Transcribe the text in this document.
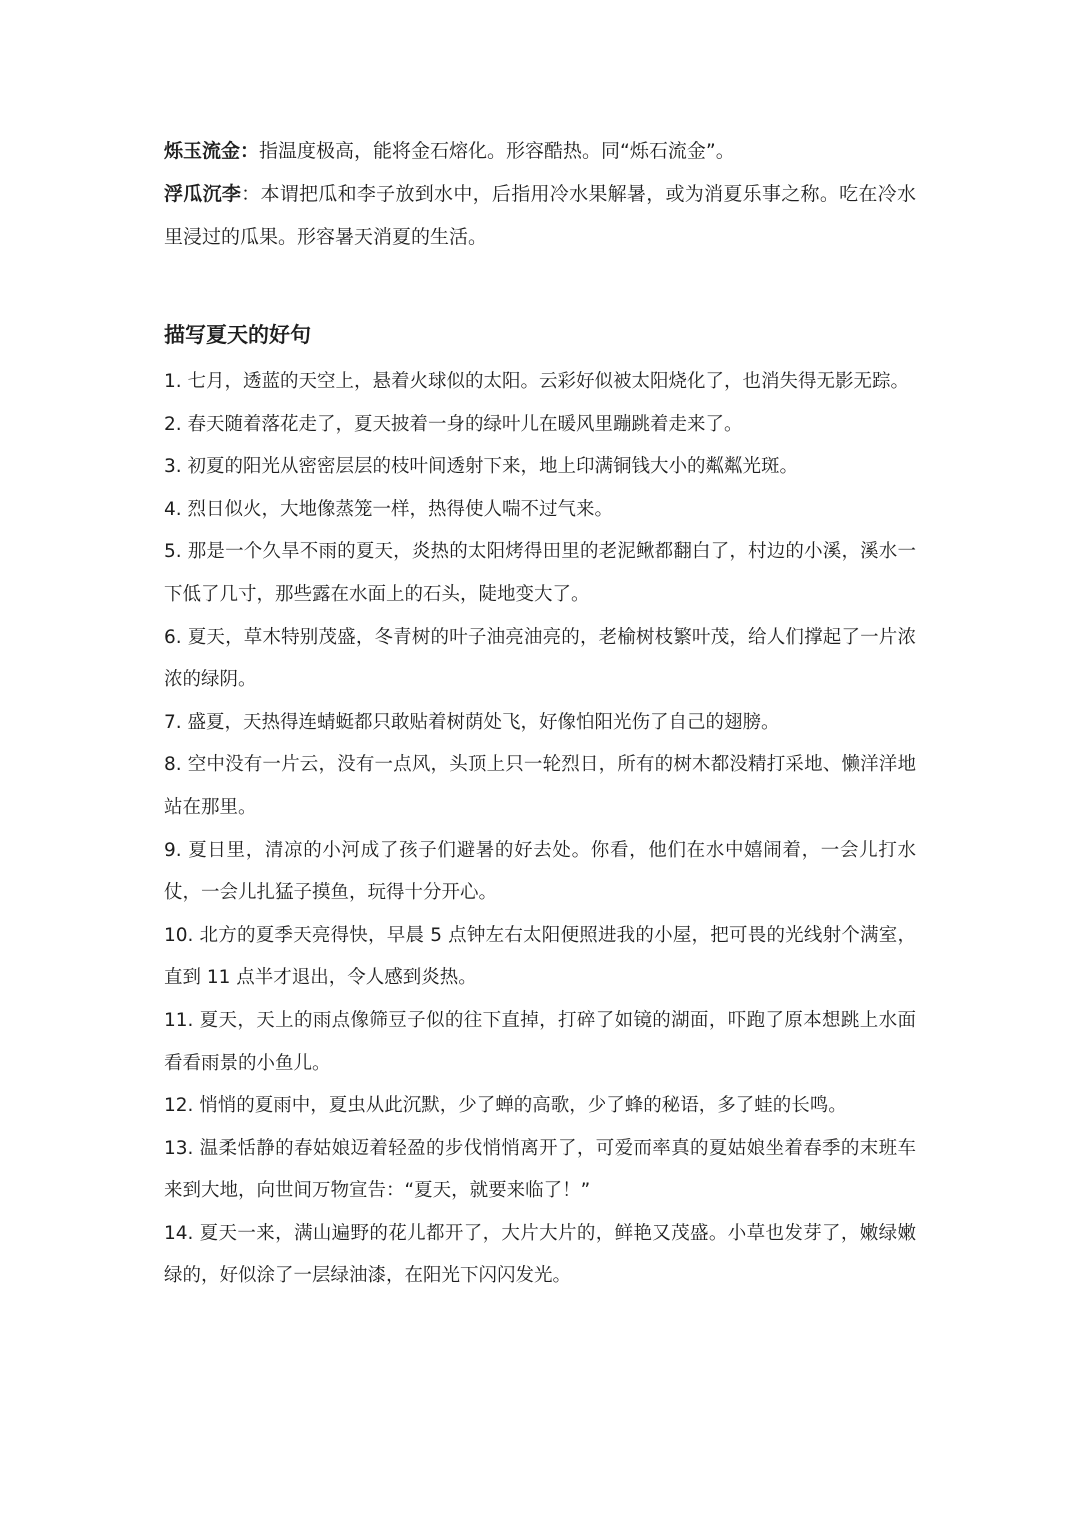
烁玉流金：指温度极高，能将金石熔化。形容酷热。同“烁石流金”。

浮瓜沉李：本谓把瓜和李子放到水中，后指用冷水果解暑，或为消夏乐事之称。吃在冷水里浸过的瓜果。形容暑天消夏的生活。

描写夏天的好句
1. 七月，透蓝的天空上，悬着火球似的太阳。云彩好似被太阳烧化了，也消失得无影无踪。
2. 春天随着落花走了，夏天披着一身的绿叶儿在暖风里蹦跳着走来了。
3. 初夏的阳光从密密层层的枝叶间透射下来，地上印满铜钱大小的粼粼光斑。
4. 烈日似火，大地像蒸笼一样，热得使人喘不过气来。
5. 那是一个久旱不雨的夏天，炎热的太阳烤得田里的老泥鳅都翻白了，村边的小溪，溪水一下低了几寸，那些露在水面上的石头，陡地变大了。
6. 夏天，草木特别茂盛，冬青树的叶子油亮油亮的，老榆树枝繁叶茂，给人们撑起了一片浓浓的绿阴。
7. 盛夏，天热得连蜻蜓都只敢贴着树荫处飞，好像怕阳光伤了自己的翅膀。
8. 空中没有一片云，没有一点风，头顶上只一轮烈日，所有的树木都没精打采地、懒洋洋地站在那里。
9. 夏日里，清凉的小河成了孩子们避暑的好去处。你看，他们在水中嬉闹着，一会儿打水仗，一会儿扎猛子摸鱼，玩得十分开心。
10. 北方的夏季天亮得快，早晨 5 点钟左右太阳便照进我的小屋，把可畏的光线射个满室，直到 11 点半才退出，令人感到炎热。
11. 夏天，天上的雨点像筛豆子似的往下直掉，打碎了如镜的湖面，吓跑了原本想跳上水面看看雨景的小鱼儿。
12. 悄悄的夏雨中，夏虫从此沉默，少了蝉的高歌，少了蜂的秘语，多了蛙的长鸣。
13. 温柔恬静的春姑娘迈着轻盈的步伐悄悄离开了，可爱而率真的夏姑娘坐着春季的末班车来到大地，向世间万物宣告：“夏天，就要来临了！”
14. 夏天一来，满山遍野的花儿都开了，大片大片的，鲜艳又茂盛。小草也发芽了，嫩绿嫩绿的，好似涂了一层绿油漆，在阳光下闪闪发光。
